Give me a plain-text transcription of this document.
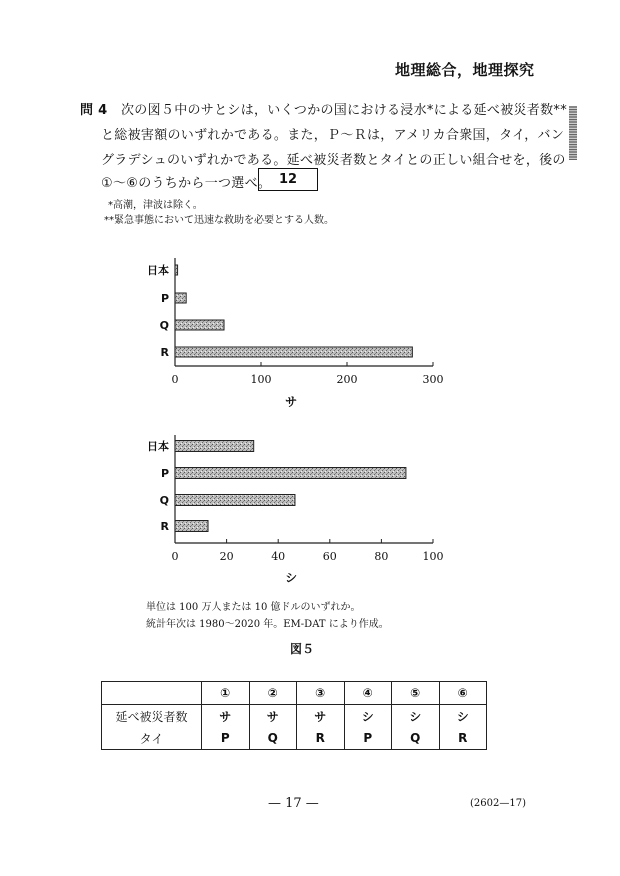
地理総合，地理探究
問 4 次の図５中のサとシは，いくつかの国における浸水*による延べ被災者数**
と総被害額のいずれかである。また，Ｐ～Ｒは，アメリカ合衆国，タイ，バン
グラデシュのいずれかである。延べ被災者数とタイとの正しい組合せを，後の
①～⑥のうちから一つ選べ。 12
*高潮，津波は除く。
**緊急事態において迅速な救助を必要とする人数。
0	100	200	300
日本
P
Q
R
サ
0	20	40	60	80	100
日本
P
Q
R
シ
単位は 100 万人または 10 億ドルのいずれか。
統計年次は 1980～2020 年。EM-DAT により作成。
図５
	①	②	③	④	⑤	⑥
延べ被災者数	サ	サ	サ	シ	シ	シ
タイ	P	Q	R	P	Q	R
— 17 —	(2602—17)
